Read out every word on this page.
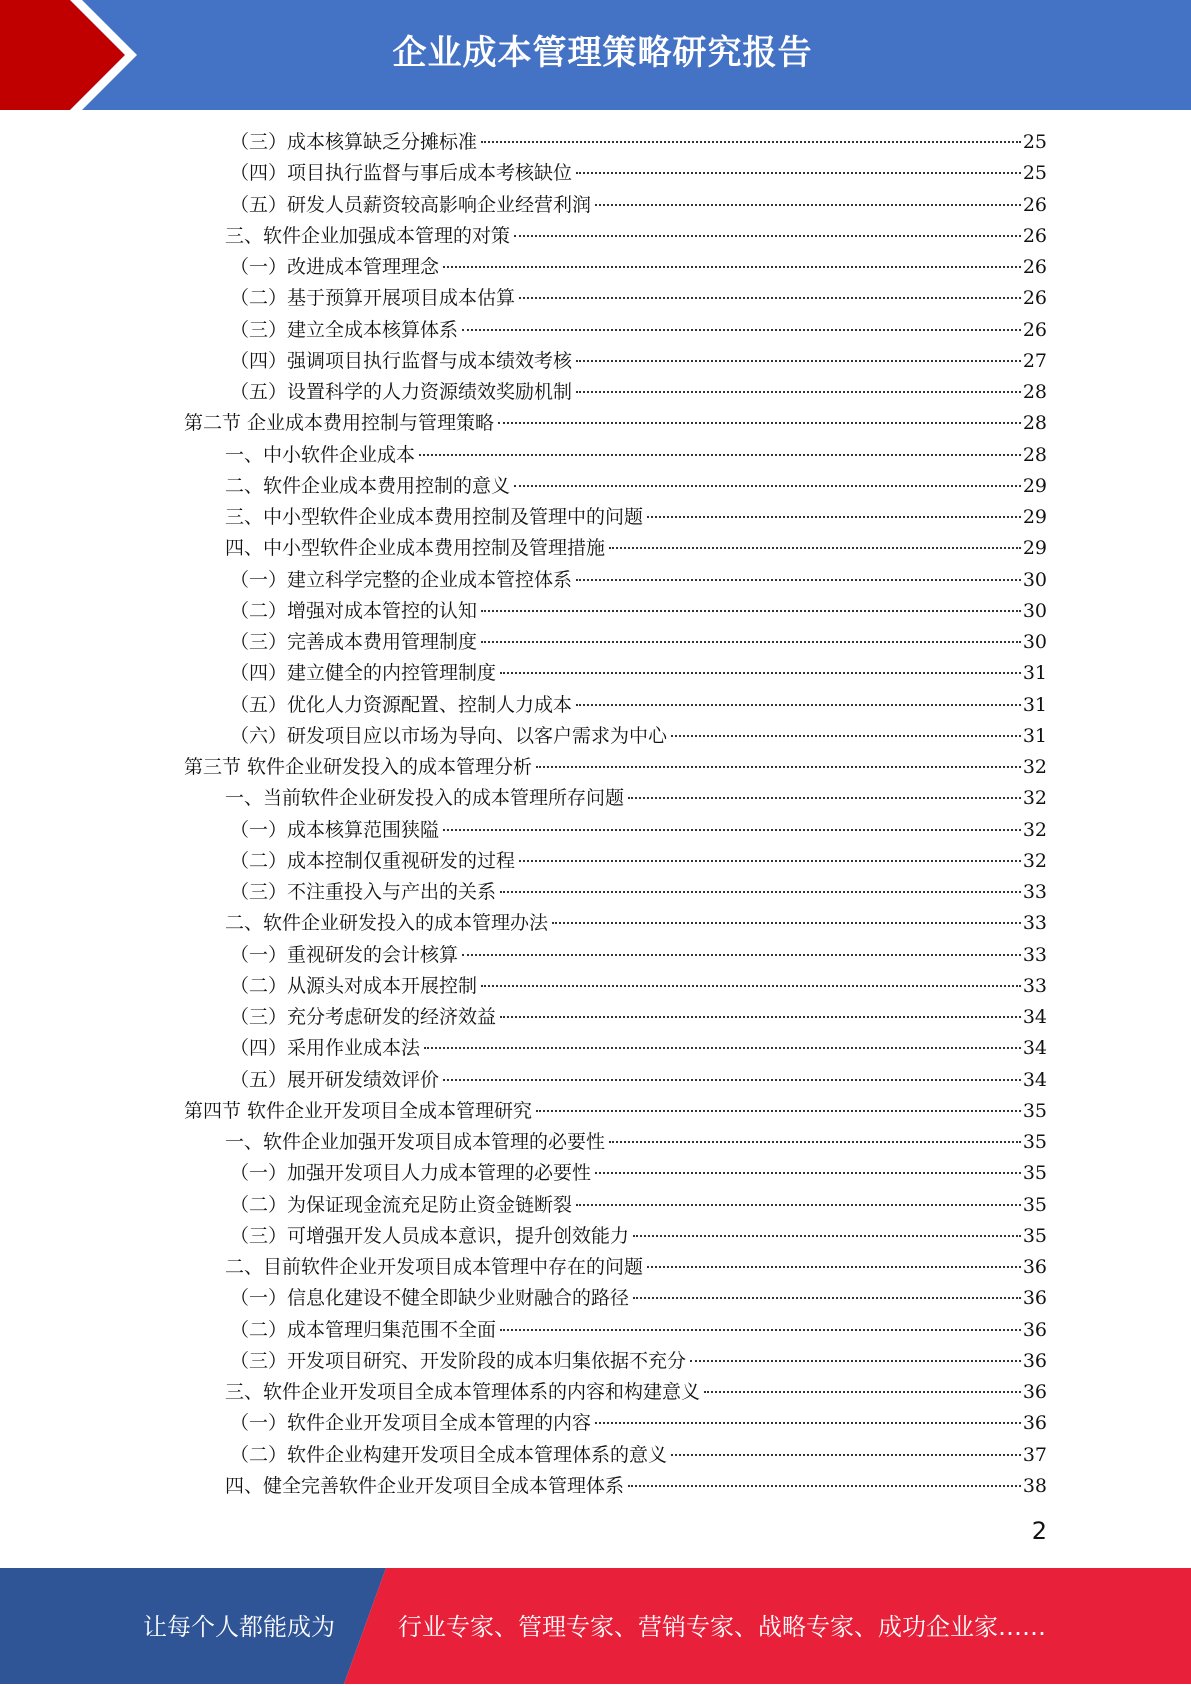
企业成本管理策略研究报告
（三）成本核算缺乏分摊标准	25
（四）项目执行监督与事后成本考核缺位	25
（五）研发人员薪资较高影响企业经营利润	26
三、软件企业加强成本管理的对策	26
（一）改进成本管理理念	26
（二）基于预算开展项目成本估算	26
（三）建立全成本核算体系	26
（四）强调项目执行监督与成本绩效考核	27
（五）设置科学的人力资源绩效奖励机制	28
第二节 企业成本费用控制与管理策略	28
一、中小软件企业成本	28
二、软件企业成本费用控制的意义	29
三、中小型软件企业成本费用控制及管理中的问题	29
四、中小型软件企业成本费用控制及管理措施	29
（一）建立科学完整的企业成本管控体系	30
（二）增强对成本管控的认知	30
（三）完善成本费用管理制度	30
（四）建立健全的内控管理制度	31
（五）优化人力资源配置、控制人力成本	31
（六）研发项目应以市场为导向、以客户需求为中心	31
第三节 软件企业研发投入的成本管理分析	32
一、当前软件企业研发投入的成本管理所存问题	32
（一）成本核算范围狭隘	32
（二）成本控制仅重视研发的过程	32
（三）不注重投入与产出的关系	33
二、软件企业研发投入的成本管理办法	33
（一）重视研发的会计核算	33
（二）从源头对成本开展控制	33
（三）充分考虑研发的经济效益	34
（四）采用作业成本法	34
（五）展开研发绩效评价	34
第四节 软件企业开发项目全成本管理研究	35
一、软件企业加强开发项目成本管理的必要性	35
（一）加强开发项目人力成本管理的必要性	35
（二）为保证现金流充足防止资金链断裂	35
（三）可增强开发人员成本意识，提升创效能力	35
二、目前软件企业开发项目成本管理中存在的问题	36
（一）信息化建设不健全即缺少业财融合的路径	36
（二）成本管理归集范围不全面	36
（三）开发项目研究、开发阶段的成本归集依据不充分	36
三、软件企业开发项目全成本管理体系的内容和构建意义	36
（一）软件企业开发项目全成本管理的内容	36
（二）软件企业构建开发项目全成本管理体系的意义	37
四、健全完善软件企业开发项目全成本管理体系	38
2
让每个人都能成为	行业专家、管理专家、营销专家、战略专家、成功企业家……
